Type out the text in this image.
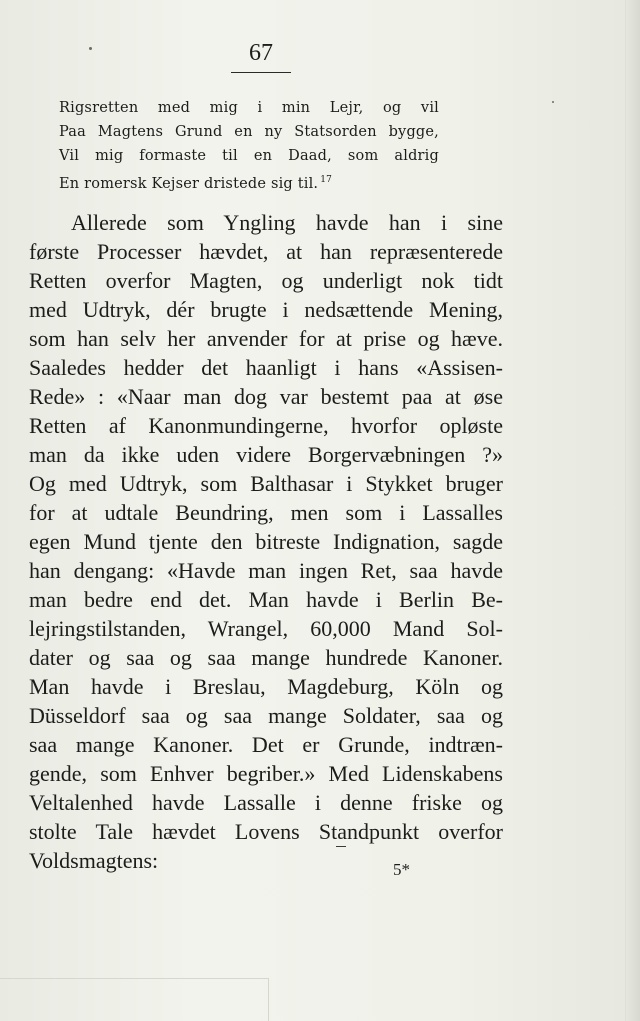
67
Rigsretten med mig i min Lejr, og vil
Paa Magtens Grund en ny Statsorden bygge,
Vil mig formaste til en Daad, som aldrig
En romersk Kejser dristede sig til. $^{17}$
Allerede som Yngling havde han i sine
første Processer hævdet, at han repræsenterede
Retten overfor Magten, og underligt nok tidt
med Udtryk, dér brugte i nedsættende Mening,
som han selv her anvender for at prise og hæve.
Saaledes hedder det haanligt i hans «Assisen-
Rede» : «Naar man dog var bestemt paa at øse
Retten af Kanonmundingerne, hvorfor opløste
man da ikke uden videre Borgervæbningen ?»
Og med Udtryk, som Balthasar i Stykket bruger
for at udtale Beundring, men som i Lassalles
egen Mund tjente den bitreste Indignation, sagde
han dengang: «Havde man ingen Ret, saa havde
man bedre end det. Man havde i Berlin Be-
lejringstilstanden, Wrangel, 60,000 Mand Sol-
dater og saa og saa mange hundrede Kanoner.
Man havde i Breslau, Magdeburg, Köln og
Düsseldorf saa og saa mange Soldater, saa og
saa mange Kanoner. Det er Grunde, indtræn-
gende, som Enhver begriber.» Med Lidenskabens
Veltalenhed havde Lassalle i denne friske og
stolte Tale hævdet Lovens Standpunkt overfor
Voldsmagtens:	5*
